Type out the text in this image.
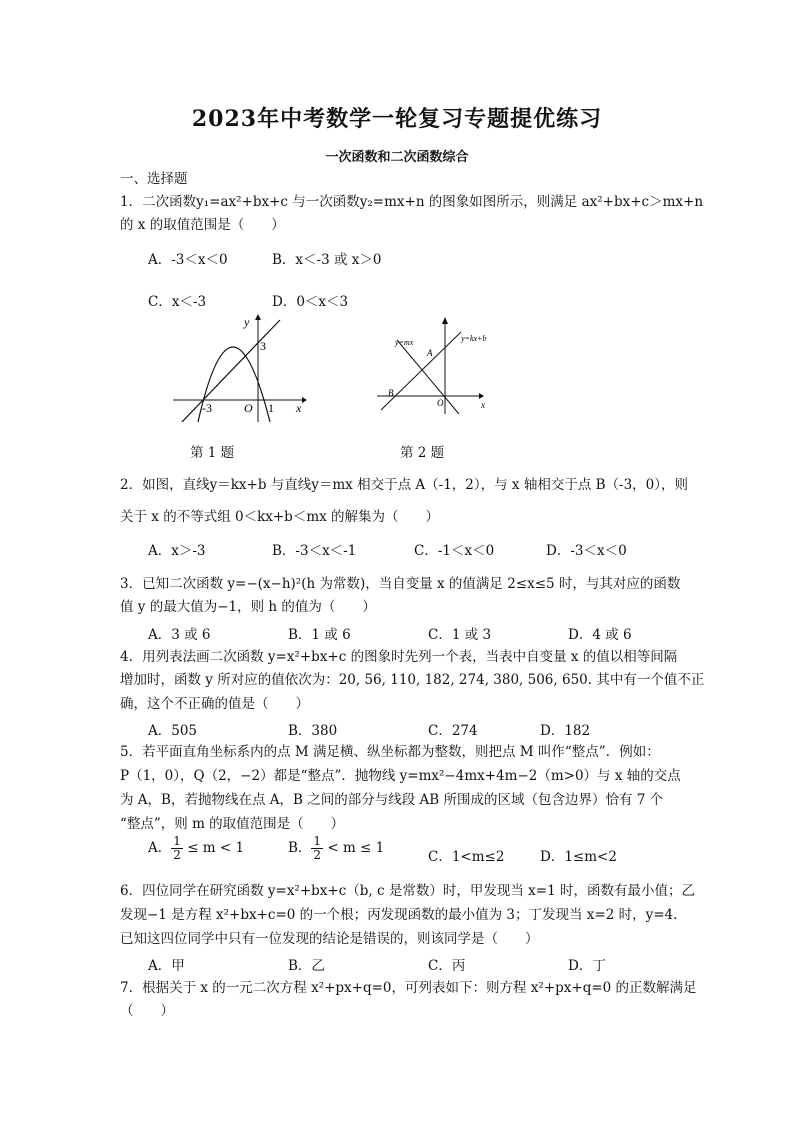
2023年中考数学一轮复习专题提优练习
一次函数和二次函数综合
一、选择题
1．二次函数y₁=ax²+bx+c 与一次函数y₂=mx+n 的图象如图所示，则满足 ax²+bx+c＞mx+n
的 x 的取值范围是（　　）
A．-3＜x＜0	B．x＜-3 或 x＞0
C．x＜-3	D．0＜x＜3
y
x
O
3
-3	1
第 1 题
y=mx	y=kx+b
A
B
O	x
第 2 题
2．如图，直线y＝kx+b 与直线y＝mx 相交于点 A（-1，2），与 x 轴相交于点 B（-3，0），则
关于 x 的不等式组 0＜kx+b＜mx 的解集为（　　）
A．x＞-3	B．-3＜x＜-1	C．-1＜x＜0	D．-3＜x＜0
3．已知二次函数 y=−(x−h)²(h 为常数)，当自变量 x 的值满足 2≤x≤5 时，与其对应的函数
值 y 的最大值为−1，则 h 的值为（　　）
A．3 或 6	B．1 或 6	C．1 或 3	D．4 或 6
4．用列表法画二次函数 y=x²+bx+c 的图象时先列一个表，当表中自变量 x 的值以相等间隔
增加时，函数 y 所对应的值依次为：20, 56, 110, 182, 274, 380, 506, 650. 其中有一个值不正
确，这个不正确的值是（　　）
A．505	B．380	C．274	D．182
5．若平面直角坐标系内的点 M 满足横、纵坐标都为整数，则把点 M 叫作“整点”．例如：
P（1，0），Q（2，−2）都是“整点”．抛物线 y=mx²−4mx+4m−2（m>0）与 x 轴的交点
为 A，B，若抛物线在点 A，B 之间的部分与线段 AB 所围成的区域（包含边界）恰有 7 个
“整点”，则 m 的取值范围是（　　）
A． $\frac{1}{2} \le m < 1$	B． $\frac{1}{2} < m \le 1$
C．1<m≤2	D．1≤m<2
6．四位同学在研究函数 y=x²+bx+c（b, c 是常数）时，甲发现当 x=1 时，函数有最小值；乙
发现−1 是方程 x²+bx+c=0 的一个根；丙发现函数的最小值为 3；丁发现当 x=2 时，y=4.
已知这四位同学中只有一位发现的结论是错误的，则该同学是（　　）
A．甲	B．乙	C．丙	D．丁
7．根据关于 x 的一元二次方程 x²+px+q=0，可列表如下：则方程 x²+px+q=0 的正数解满足
（　　）
